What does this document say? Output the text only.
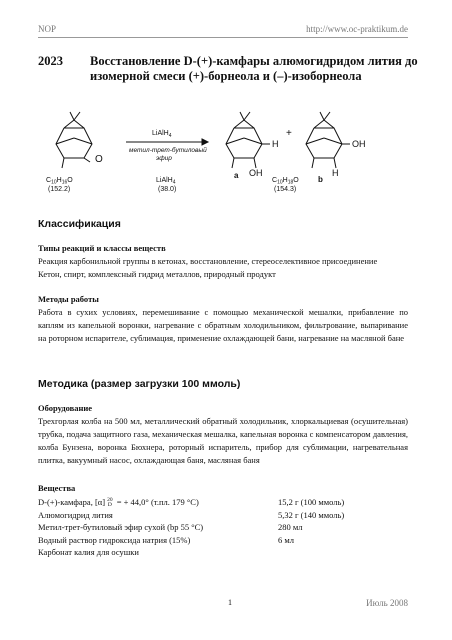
NOP	http://www.oc-praktikum.de
2023 Восстановление D-(+)-камфары алюмогидридом лития до изомерной смеси (+)-борнеола и (–)-изоборнеола
O
LiAlH$_4$
метил-трет-бутиловый
эфир
H
OH
+
OH
H
$C_{10}H_{16}O$
(152.2)
LiAlH$_4$
(38.0)
a
$C_{10}H_{18}O$
(154.3)
b
Классификация
Типы реакций и классы веществ
Реакция карбонильной группы в кетонах, восстановление, стереоселективное присоединение
Кетон, спирт, комплексный гидрид металлов, природный продукт
Методы работы
Работа в сухих условиях, перемешивание с помощью механической мешалки, прибавление по каплям из капельной воронки, нагревание с обратным холодильником, фильтрование, выпаривание на роторном испарителе, сублимация, применение охлаждающей бани, нагревание на масляной бане
Методика (размер загрузки 100 ммоль)
Оборудование
Трехгорлая колба на 500 мл, металлический обратный холодильник, хлоркальциевая (осушительная) трубка, подача защитного газа, механическая мешалка, капельная воронка с компенсатором давления, колба Бунзена, воронка Бюхнера, роторный испаритель, прибор для сублимации, нагревательная плитка, вакуумный насос, охлаждающая баня, масляная баня
Вещества
D-(+)-камфара, [α] 20
D = + 44,0° (т.пл. 179 °C)	15,2 г (100 ммоль)
Алюмогидрид лития	5,32 г (140 ммоль)
Метил-трет-бутиловый эфир сухой (bp 55 °C)	280 мл
Водный раствор гидроксида натрия (15%)	6 мл
Карбонат калия для осушки	
1	Июль 2008
